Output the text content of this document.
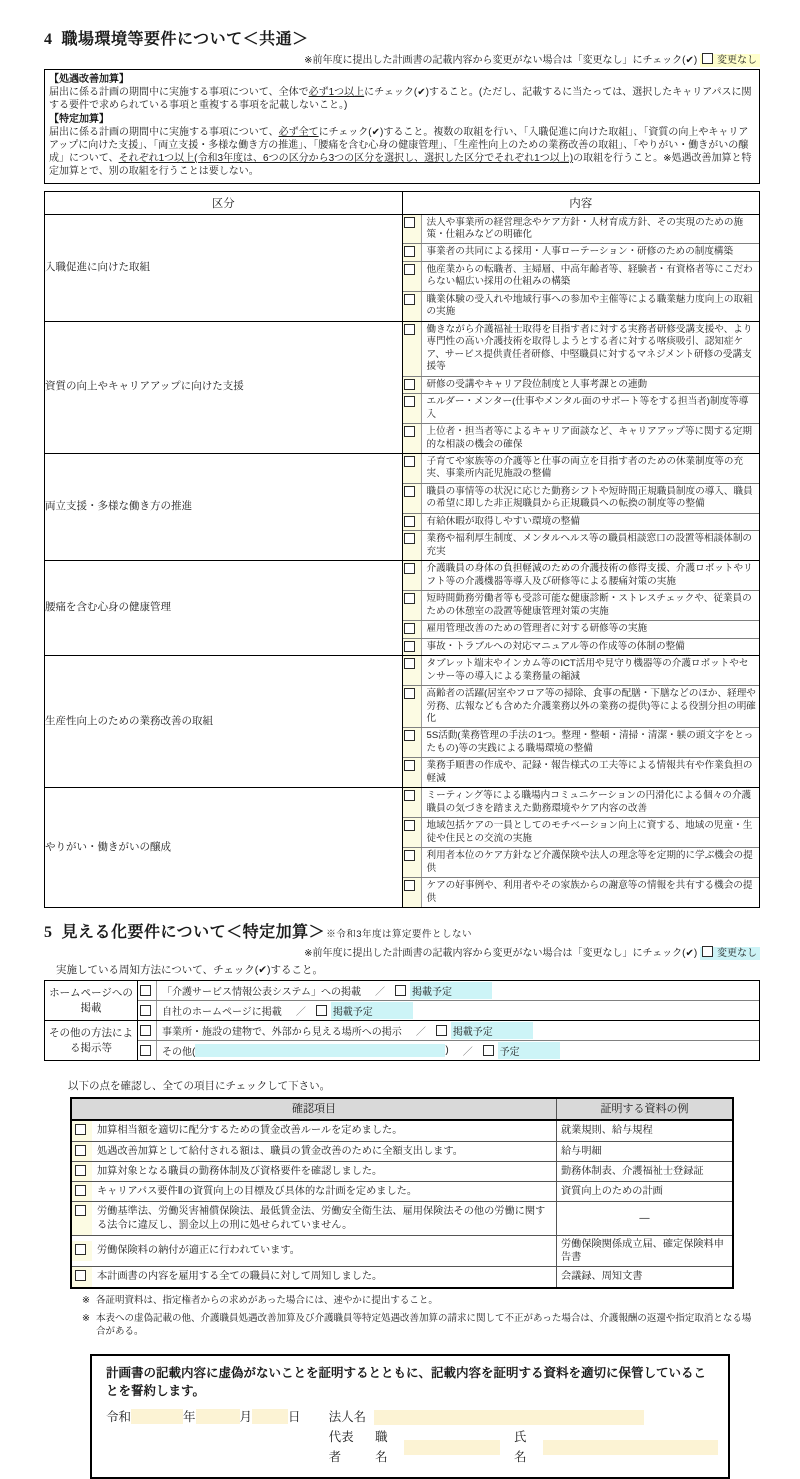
4 職場環境等要件について＜共通＞
※前年度に提出した計画書の記載内容から変更がない場合は「変更なし」にチェック(✔) 変更なし
【処遇改善加算】
届出に係る計画の期間中に実施する事項について、全体で必ず1つ以上にチェック(✔)すること。(ただし、記載するに当たっては、選択したキャリアパスに関する要件で求められている事項と重複する事項を記載しないこと。)
【特定加算】
届出に係る計画の期間中に実施する事項について、必ず全てにチェック(✔)すること。複数の取組を行い、「入職促進に向けた取組」、「資質の向上やキャリアアップに向けた支援」、「両立支援・多様な働き方の推進」、「腰痛を含む心身の健康管理」、「生産性向上のための業務改善の取組」、「やりがい・働きがいの醸成」について、それぞれ1つ以上(令和3年度は、6つの区分から3つの区分を選択し、選択した区分でそれぞれ1つ以上)の取組を行うこと。※処遇改善加算と特定加算とで、別の取組を行うことは要しない。
区分	内容
入職促進に向けた取組	法人や事業所の経営理念やケア方針・人材育成方針、その実現のための施策・仕組みなどの明確化
事業者の共同による採用・人事ローテーション・研修のための制度構築
他産業からの転職者、主婦層、中高年齢者等、経験者・有資格者等にこだわらない幅広い採用の仕組みの構築
職業体験の受入れや地域行事への参加や主催等による職業魅力度向上の取組の実施

資質の向上やキャリアアップに向けた支援	働きながら介護福祉士取得を目指す者に対する実務者研修受講支援や、より専門性の高い介護技術を取得しようとする者に対する喀痰吸引、認知症ケア、サービス提供責任者研修、中堅職員に対するマネジメント研修の受講支援等
研修の受講やキャリア段位制度と人事考課との連動
エルダー・メンター(仕事やメンタル面のサポート等をする担当者)制度等導入
上位者・担当者等によるキャリア面談など、キャリアアップ等に関する定期的な相談の機会の確保

両立支援・多様な働き方の推進	子育てや家族等の介護等と仕事の両立を目指す者のための休業制度等の充実、事業所内託児施設の整備
職員の事情等の状況に応じた勤務シフトや短時間正規職員制度の導入、職員の希望に即した非正規職員から正規職員への転換の制度等の整備
有給休暇が取得しやすい環境の整備
業務や福利厚生制度、メンタルヘルス等の職員相談窓口の設置等相談体制の充実

腰痛を含む心身の健康管理	介護職員の身体の負担軽減のための介護技術の修得支援、介護ロボットやリフト等の介護機器等導入及び研修等による腰痛対策の実施
短時間勤務労働者等も受診可能な健康診断・ストレスチェックや、従業員のための休憩室の設置等健康管理対策の実施
雇用管理改善のための管理者に対する研修等の実施
事故・トラブルへの対応マニュアル等の作成等の体制の整備

生産性向上のための業務改善の取組	タブレット端末やインカム等のICT活用や見守り機器等の介護ロボットやセンサー等の導入による業務量の縮減
高齢者の活躍(居室やフロア等の掃除、食事の配膳・下膳などのほか、経理や労務、広報なども含めた介護業務以外の業務の提供)等による役割分担の明確化
5S活動(業務管理の手法の1つ。整理・整頓・清掃・清潔・躾の頭文字をとったもの)等の実践による職場環境の整備
業務手順書の作成や、記録・報告様式の工夫等による情報共有や作業負担の軽減

やりがい・働きがいの醸成	ミーティング等による職場内コミュニケーションの円滑化による個々の介護職員の気づきを踏まえた勤務環境やケア内容の改善
地域包括ケアの一員としてのモチベーション向上に資する、地域の児童・生徒や住民との交流の実施
利用者本位のケア方針など介護保険や法人の理念等を定期的に学ぶ機会の提供
ケアの好事例や、利用者やその家族からの謝意等の情報を共有する機会の提供
5 見える化要件について＜特定加算＞ ※令和3年度は算定要件としない
※前年度に提出した計画書の記載内容から変更がない場合は「変更なし」にチェック(✔) 変更なし
実施している周知方法について、チェック(✔)すること。
ホームページへの掲載	
「介護サービス情報公表システム」への掲載 ／	掲載予定
自社のホームページに掲載 ／	掲載予定

その他の方法による掲示等	
事業所・施設の建物で、外部から見える場所への掲示 ／	掲載予定
その他(	) ／	予定
以下の点を確認し、全ての項目にチェックして下さい。
確認項目	証明する資料の例

加算相当額を適切に配分するための賃金改善ルールを定めました。	就業規則、給与規程

処遇改善加算として給付される額は、職員の賃金改善のために全額支出します。	給与明細

加算対象となる職員の勤務体制及び資格要件を確認しました。	勤務体制表、介護福祉士登録証

キャリアパス要件Ⅱの資質向上の目標及び具体的な計画を定めました。	資質向上のための計画

労働基準法、労働災害補償保険法、最低賃金法、労働安全衛生法、雇用保険法その他の労働に関する法令に違反し、罰金以上の刑に処せられていません。	―

労働保険料の納付が適正に行われています。	労働保険関係成立届、確定保険料申告書

本計画書の内容を雇用する全ての職員に対して周知しました。	会議録、周知文書
※ 各証明資料は、指定権者からの求めがあった場合には、速やかに提出すること。
※ 本表への虚偽記載の他、介護職員処遇改善加算及び介護職員等特定処遇改善加算の請求に関して不正があった場合は、介護報酬の返還や指定取消となる場合がある。
計画書の記載内容に虚偽がないことを証明するとともに、記載内容を証明する資料を適切に保管していることを誓約します。
令和	年	月	日 法人名
代表者
職名
氏名
